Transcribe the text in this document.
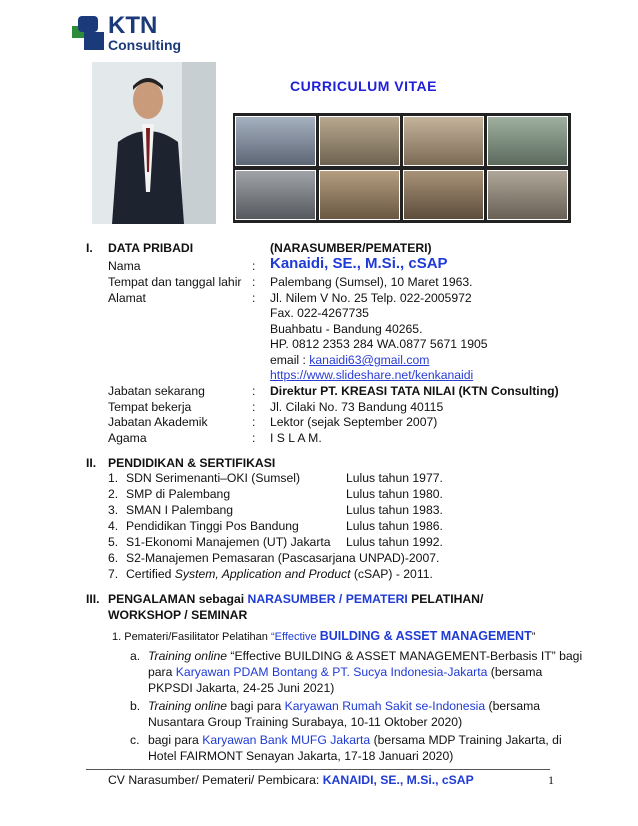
KTN
Consulting
CURRICULUM VITAE
I. DATA PRIBADI	(NARASUMBER/PEMATERI)
Nama	: Kanaidi, SE., M.Si., cSAP
Tempat dan tanggal lahir : Palembang (Sumsel), 10 Maret 1963.
Alamat	: Jl. Nilem V No. 25 Telp. 022-2005972
Fax. 022-4267735
Buahbatu - Bandung 40265.
HP. 0812 2353 284 WA.0877 5671 1905
email : kanaidi63@gmail.com
https://www.slideshare.net/kenkanaidi
Jabatan sekarang	: Direktur PT. KREASI TATA NILAI (KTN Consulting)
Tempat bekerja	: Jl. Cilaki No. 73 Bandung 40115
Jabatan Akademik	: Lektor (sejak September 2007)
Agama	: I S L A M.
II. PENDIDIKAN & SERTIFIKASI
1. SDN Serimenanti–OKI (Sumsel)	Lulus tahun 1977.
2. SMP di Palembang	Lulus tahun 1980.
3. SMAN I Palembang	Lulus tahun 1983.
4. Pendidikan Tinggi Pos Bandung	Lulus tahun 1986.
5. S1-Ekonomi Manajemen (UT) Jakarta Lulus tahun 1992.
6. S2-Manajemen Pemasaran (Pascasarjana UNPAD)-2007.
7. Certified System, Application and Product (cSAP) - 2011.
III. PENGALAMAN sebagai NARASUMBER / PEMATERI PELATIHAN/
WORKSHOP / SEMINAR
1. Pemateri/Fasilitator Pelatihan “Effective BUILDING & ASSET MANAGEMENT”
a. Training online “Effective BUILDING & ASSET MANAGEMENT-Berbasis IT” bagi
para Karyawan PDAM Bontang & PT. Sucya Indonesia-Jakarta (bersama
PKPSDI Jakarta, 24-25 Juni 2021)
b. Training online bagi para Karyawan Rumah Sakit se-Indonesia (bersama
Nusantara Group Training Surabaya, 10-11 Oktober 2020)
c. bagi para Karyawan Bank MUFG Jakarta (bersama MDP Training Jakarta, di
Hotel FAIRMONT Senayan Jakarta, 17-18 Januari 2020)
CV Narasumber/ Pemateri/ Pembicara: KANAIDI, SE., M.Si., cSAP	1
